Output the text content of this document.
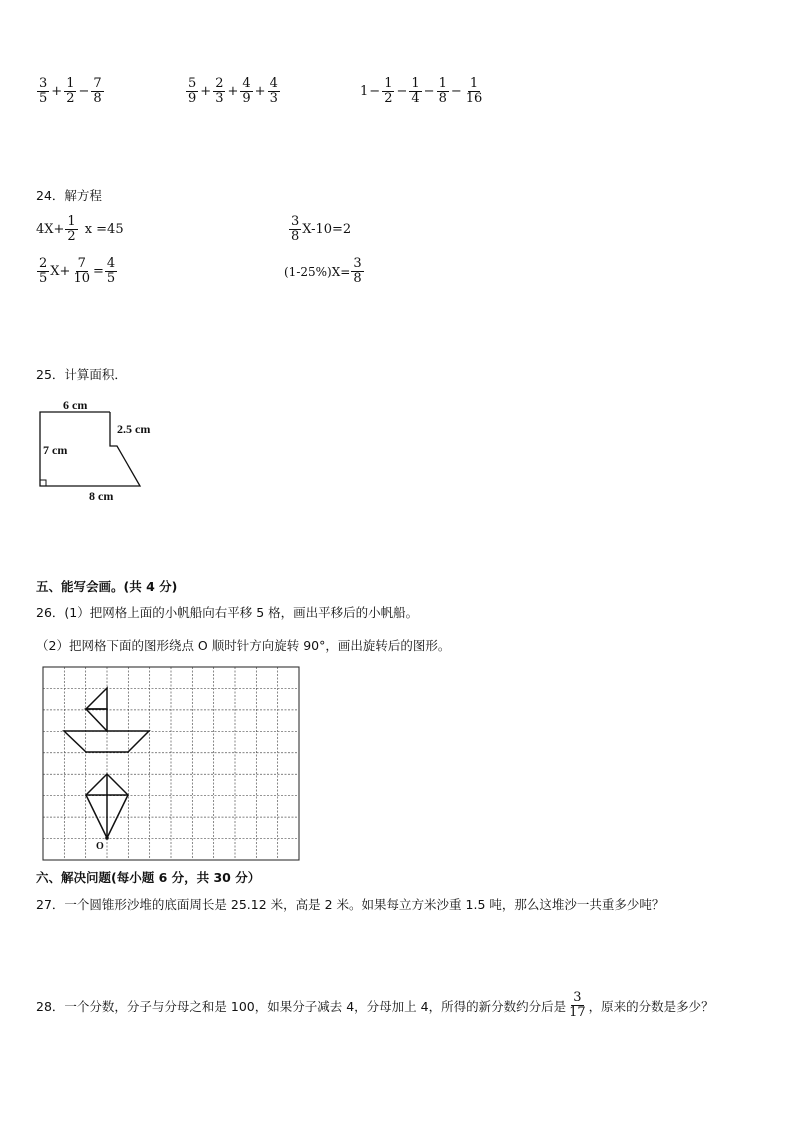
$\frac{3}{5} + \frac{1}{2} - \frac{7}{8}$	$\frac{5}{9} + \frac{2}{3} + \frac{4}{9} + \frac{4}{3}$	$1 - \frac{1}{2} - \frac{1}{4} - \frac{1}{8} - \frac{1}{16}$
24．解方程
$4X+ \frac{1}{2}$ x =45	$\frac{3}{8} X-10=2$
$\frac{2}{5} X+ \frac{7}{10} = \frac{4}{5}$	$(1-25\%)X= \frac{3}{8}$
25．计算面积．
6 cm
2.5 cm
7 cm
8 cm
五、能写会画。(共 4 分)
26．(1）把网格上面的小帆船向右平移 5 格，画出平移后的小帆船。
（2）把网格下面的图形绕点 O 顺时针方向旋转 90°，画出旋转后的图形。
O
六、解决问题(每小题 6 分，共 30 分）
27．一个圆锥形沙堆的底面周长是 25.12 米，高是 2 米。如果每立方米沙重 1.5 吨，那么这堆沙一共重多少吨？
28．一个分数，分子与分母之和是 100，如果分子减去 4，分母加上 4，所得的新分数约分后是 $\frac{3}{17}$ ，原来的分数是多少？
